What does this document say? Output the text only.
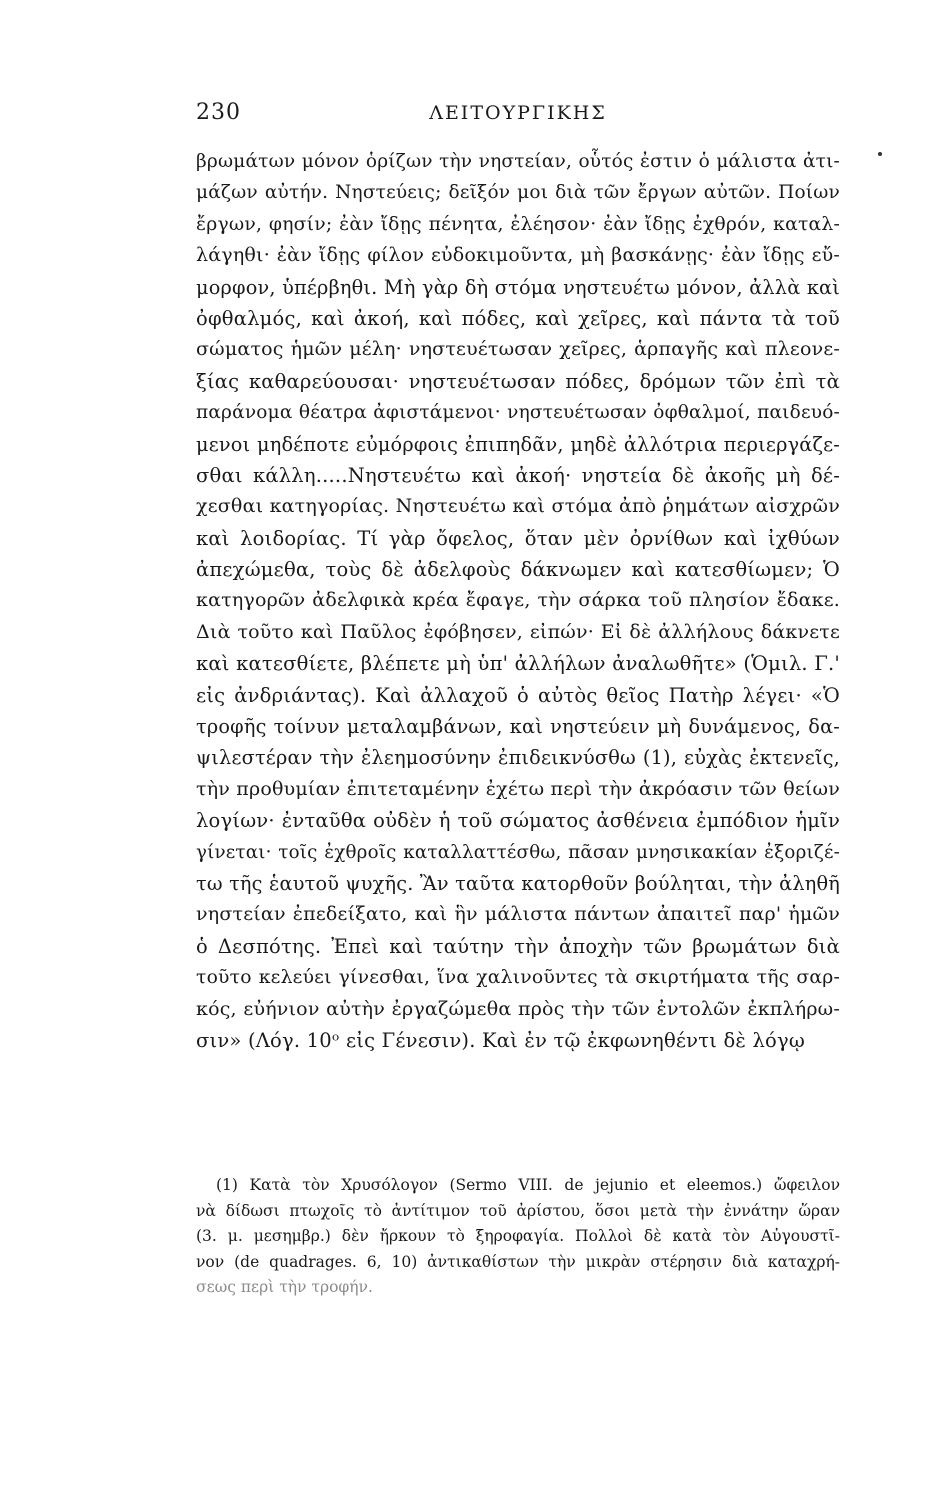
230	ΛΕΙΤΟΥΡΓΙΚΗΣ
βρωμάτων μόνον ὁρίζων τὴν νηστείαν, οὗτός ἐστιν ὁ μάλιστα ἀτι-
μάζων αὐτήν. Νηστεύεις; δεῖξόν μοι διὰ τῶν ἔργων αὐτῶν. Ποίων
ἔργων, φησίν; ἐὰν ἴδῃς πένητα, ἐλέησον· ἐὰν ἴδῃς ἐχθρόν, καταλ-
λάγηθι· ἐὰν ἴδῃς φίλον εὐδοκιμοῦντα, μὴ βασκάνῃς· ἐὰν ἴδῃς εὔ-
μορφον, ὑπέρβηθι. Μὴ γὰρ δὴ στόμα νηστευέτω μόνον, ἀλλὰ καὶ
ὀφθαλμός, καὶ ἀκοή, καὶ πόδες, καὶ χεῖρες, καὶ πάντα τὰ τοῦ
σώματος ἡμῶν μέλη· νηστευέτωσαν χεῖρες, ἁρπαγῆς καὶ πλεονε-
ξίας καθαρεύουσαι· νηστευέτωσαν πόδες, δρόμων τῶν ἐπὶ τὰ
παράνομα θέατρα ἀφιστάμενοι· νηστευέτωσαν ὀφθαλμοί, παιδευό-
μενοι μηδέποτε εὐμόρφοις ἐπιπηδᾶν, μηδὲ ἀλλότρια περιεργάζε-
σθαι κάλλη.....Νηστευέτω καὶ ἀκοή· νηστεία δὲ ἀκοῆς μὴ δέ-
χεσθαι κατηγορίας. Νηστευέτω καὶ στόμα ἀπὸ ῥημάτων αἰσχρῶν
καὶ λοιδορίας. Τί γὰρ ὄφελος, ὅταν μὲν ὀρνίθων καὶ ἰχθύων
ἀπεχώμεθα, τοὺς δὲ ἀδελφοὺς δάκνωμεν καὶ κατεσθίωμεν; Ὁ
κατηγορῶν ἀδελφικὰ κρέα ἔφαγε, τὴν σάρκα τοῦ πλησίον ἔδακε.
Διὰ τοῦτο καὶ Παῦλος ἐφόβησεν, εἰπών· Εἰ δὲ ἀλλήλους δάκνετε
καὶ κατεσθίετε, βλέπετε μὴ ὑπ' ἀλλήλων ἀναλωθῆτε» (Ὁμιλ. Γ.'
εἰς ἀνδριάντας). Καὶ ἀλλαχοῦ ὁ αὐτὸς θεῖος Πατὴρ λέγει· «Ὁ
τροφῆς τοίνυν μεταλαμβάνων, καὶ νηστεύειν μὴ δυνάμενος, δα-
ψιλεστέραν τὴν ἐλεημοσύνην ἐπιδεικνύσθω (1), εὐχὰς ἐκτενεῖς,
τὴν προθυμίαν ἐπιτεταμένην ἐχέτω περὶ τὴν ἀκρόασιν τῶν θείων
λογίων· ἐνταῦθα οὐδὲν ἡ τοῦ σώματος ἀσθένεια ἐμπόδιον ἡμῖν
γίνεται· τοῖς ἐχθροῖς καταλλαττέσθω, πᾶσαν μνησικακίαν ἐξοριζέ-
τω τῆς ἑαυτοῦ ψυχῆς. Ἂν ταῦτα κατορθοῦν βούληται, τὴν ἀληθῆ
νηστείαν ἐπεδείξατο, καὶ ἣν μάλιστα πάντων ἀπαιτεῖ παρ' ἡμῶν
ὁ Δεσπότης. Ἐπεὶ καὶ ταύτην τὴν ἀποχὴν τῶν βρωμάτων διὰ
τοῦτο κελεύει γίνεσθαι, ἵνα χαλινοῦντες τὰ σκιρτήματα τῆς σαρ-
κός, εὐήνιον αὐτὴν ἐργαζώμεθα πρὸς τὴν τῶν ἐντολῶν ἐκπλήρω-
σιν» (Λόγ. 10ᵒ εἰς Γένεσιν). Καὶ ἐν τῷ ἐκφωνηθέντι δὲ λόγῳ
(1) Κατὰ τὸν Χρυσόλογον (Sermo VIII. de jejunio et eleemos.) ὤφειλον
νὰ δίδωσι πτωχοῖς τὸ ἀντίτιμον τοῦ ἀρίστου, ὅσοι μετὰ τὴν ἐννάτην ὥραν
(3. μ. μεσημβρ.) δὲν ἤρκουν τὸ ξηροφαγία. Πολλοὶ δὲ κατὰ τὸν Αὐγουστῖ-
νον (de quadrages. 6, 10) ἀντικαθίστων τὴν μικρὰν στέρησιν διὰ καταχρή-
σεως περὶ τὴν τροφήν.
